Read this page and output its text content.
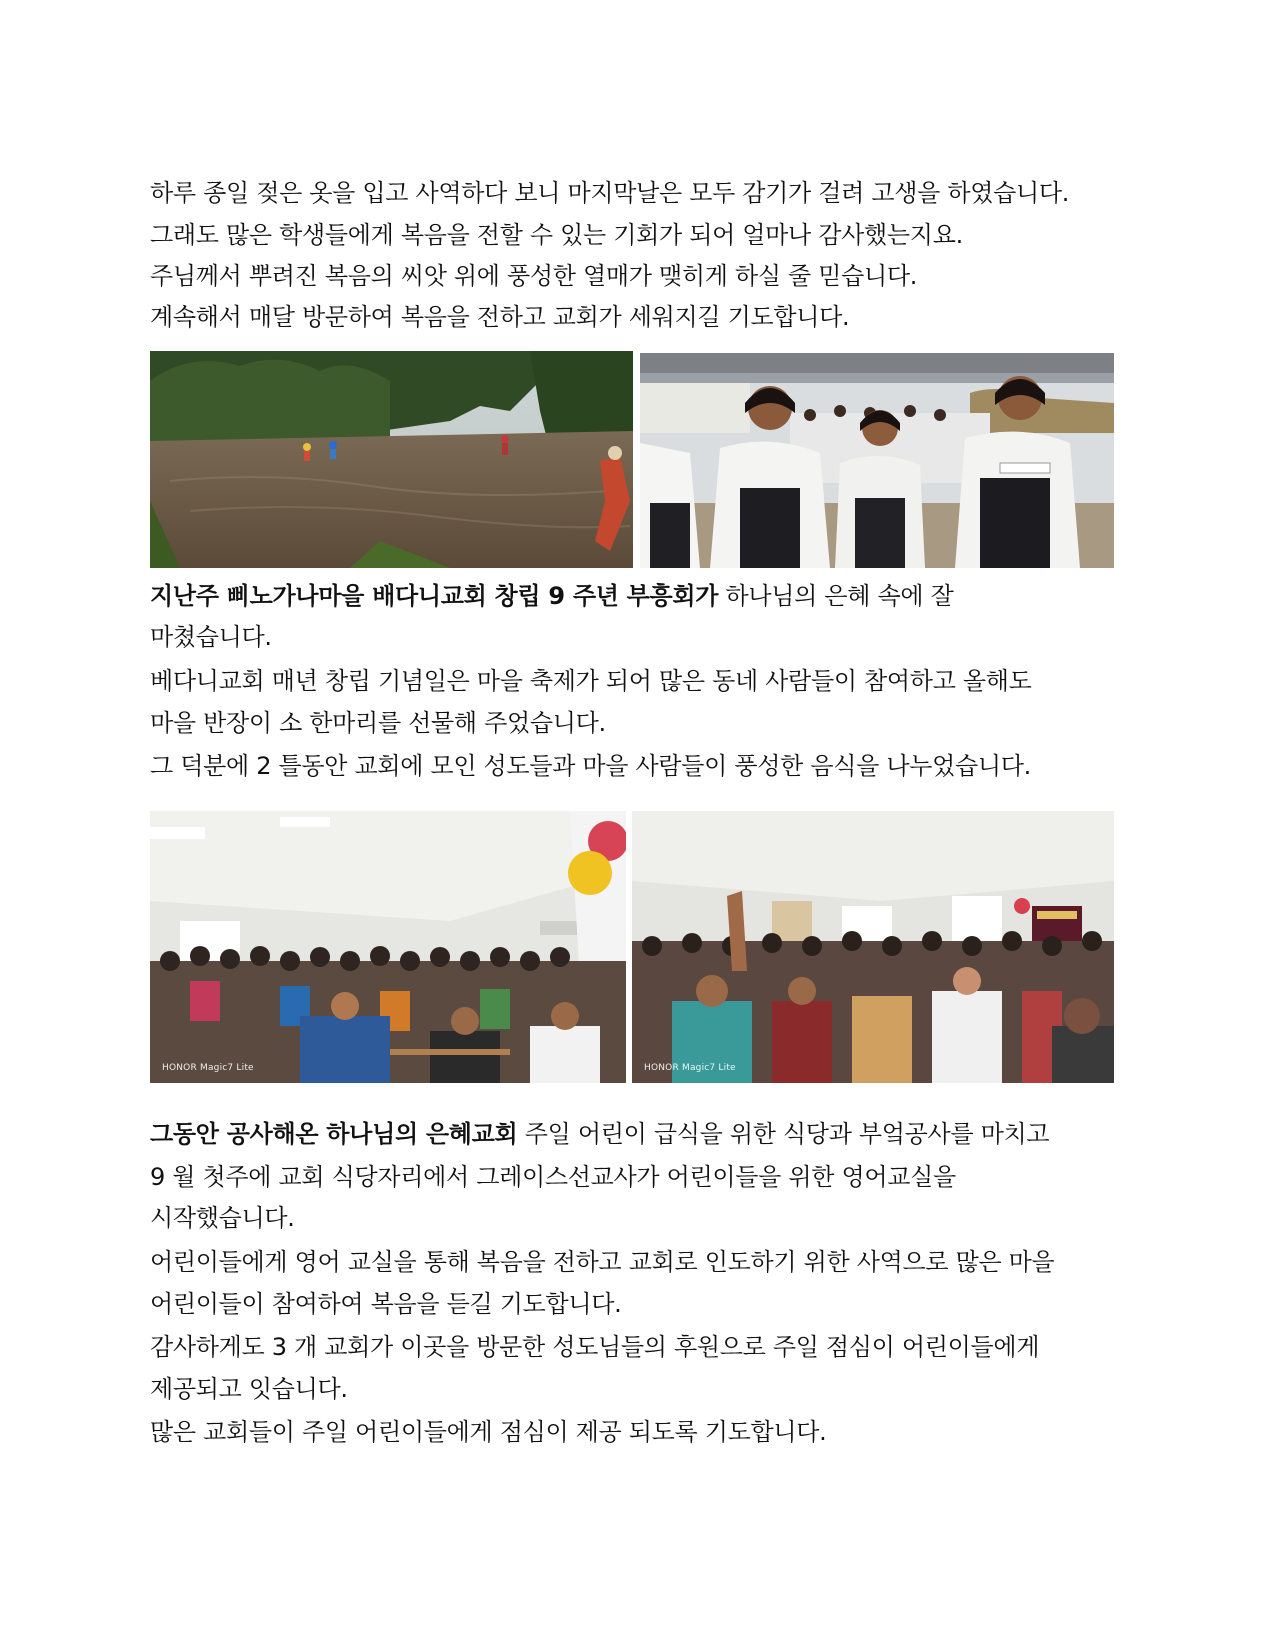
하루 종일 젖은 옷을 입고 사역하다 보니 마지막날은 모두 감기가 걸려 고생을 하였습니다.
그래도 많은 학생들에게 복음을 전할 수 있는 기회가 되어 얼마나 감사했는지요.
주님께서 뿌려진 복음의 씨앗 위에 풍성한 열매가 맺히게 하실 줄 믿습니다.
계속해서 매달 방문하여 복음을 전하고 교회가 세워지길 기도합니다.
지난주 삐노가나마을 배다니교회 창립 9 주년 부흥회가 하나님의 은혜 속에 잘
마쳤습니다.
베다니교회 매년 창립 기념일은 마을 축제가 되어 많은 동네 사람들이 참여하고 올해도
마을 반장이 소 한마리를 선물해 주었습니다.
그 덕분에 2 틀동안 교회에 모인 성도들과 마을 사람들이 풍성한 음식을 나누었습니다.
HONOR Magic7 Lite	HONOR Magic7 Lite
그동안 공사해온 하나님의 은혜교회 주일 어린이 급식을 위한 식당과 부엌공사를 마치고
9 월 첫주에 교회 식당자리에서 그레이스선교사가 어린이들을 위한 영어교실을
시작했습니다.
어린이들에게 영어 교실을 통해 복음을 전하고 교회로 인도하기 위한 사역으로 많은 마을
어린이들이 참여하여 복음을 듣길 기도합니다.
감사하게도 3 개 교회가 이곳을 방문한 성도님들의 후원으로 주일 점심이 어린이들에게
제공되고 잇습니다.
많은 교회들이 주일 어린이들에게 점심이 제공 되도록 기도합니다.
